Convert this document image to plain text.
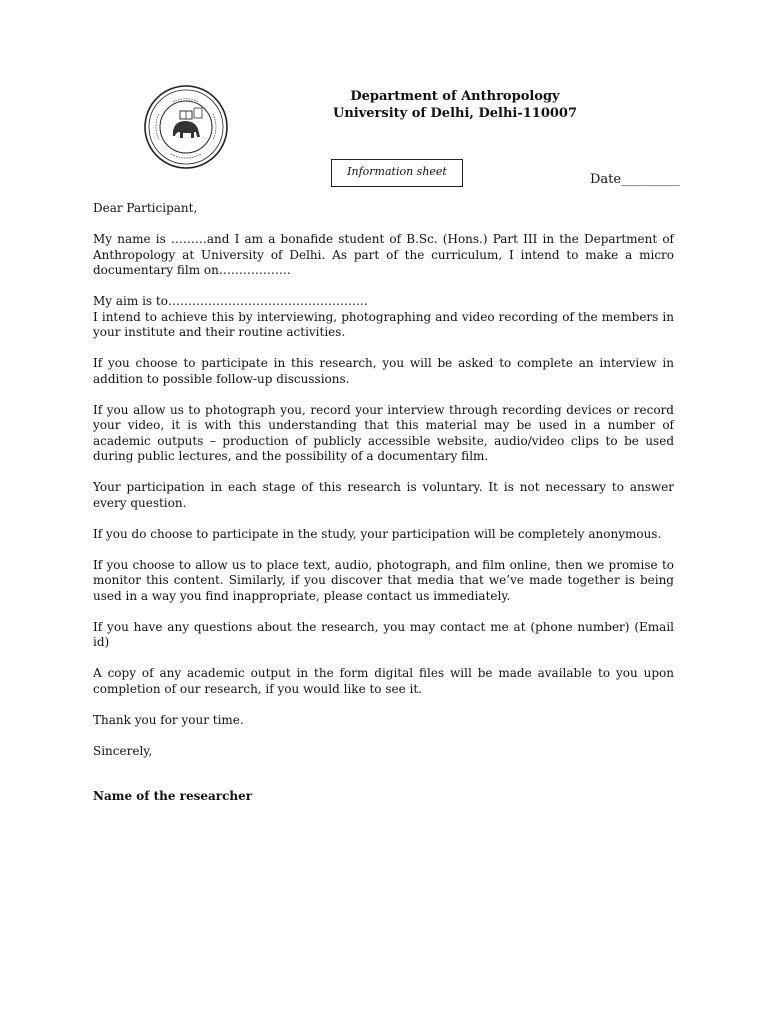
Department of Anthropology
University of Delhi, Delhi-110007
Information sheet
Date_________

Dear Participant,

My name is ………and I am a bonafide student of B.Sc. (Hons.) Part III in the Department of Anthropology at University of Delhi. As part of the curriculum, I intend to make a micro documentary film on………………

My aim is to…………………………………………..

I intend to achieve this by interviewing, photographing and video recording of the members in your institute and their routine activities.

If you choose to participate in this research, you will be asked to complete an interview in addition to possible follow-up discussions.

If you allow us to photograph you, record your interview through recording devices or record your video, it is with this understanding that this material may be used in a number of academic outputs – production of publicly accessible website, audio/video clips to be used during public lectures, and the possibility of a documentary film.

Your participation in each stage of this research is voluntary. It is not necessary to answer every question.

If you do choose to participate in the study, your participation will be completely anonymous.

If you choose to allow us to place text, audio, photograph, and film online, then we promise to monitor this content. Similarly, if you discover that media that we’ve made together is being used in a way you find inappropriate, please contact us immediately.

If you have any questions about the research, you may contact me at (phone number) (Email id)

A copy of any academic output in the form digital files will be made available to you upon completion of our research, if you would like to see it.

Thank you for your time.

Sincerely,

Name of the researcher
